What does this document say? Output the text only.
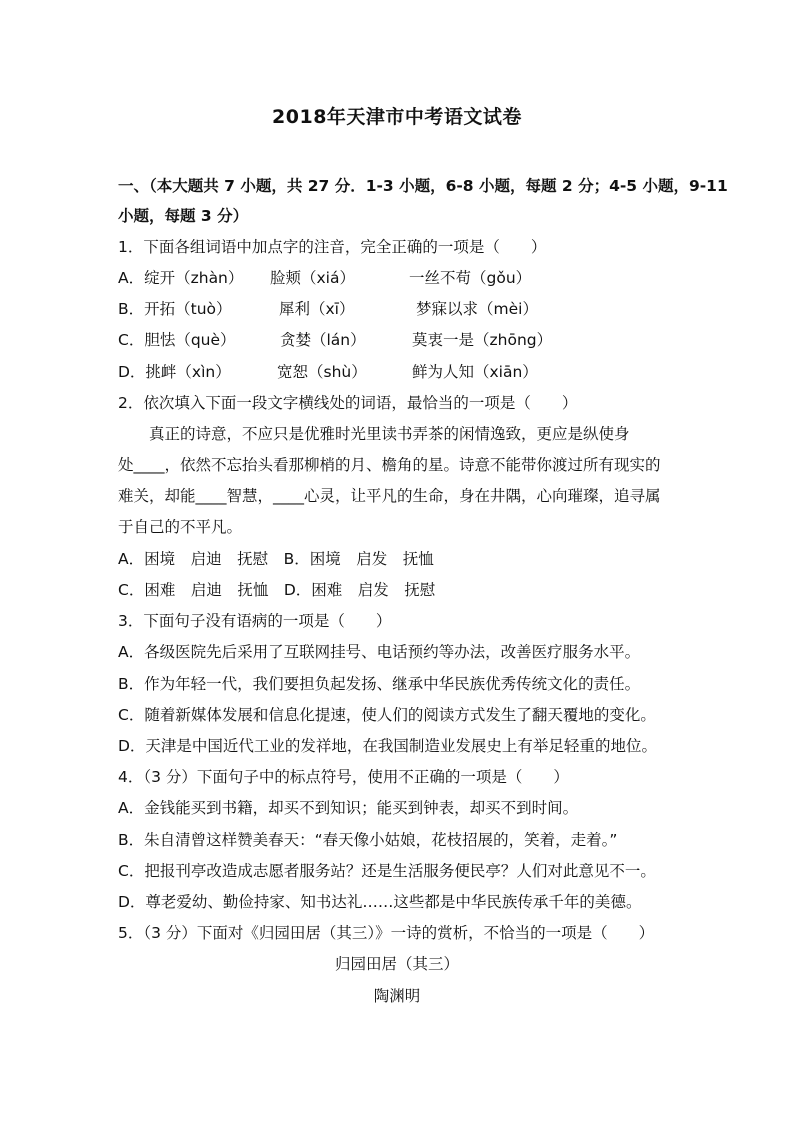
2018年天津市中考语文试卷
一、（本大题共 7 小题，共 27 分．1-3 小题，6-8 小题，每题 2 分；4-5 小题，9-11
小题，每题 3 分）
1．下面各组词语中加点字的注音，完全正确的一项是（　　）
A．绽开（zhàn） 脸颊（xiá）	一丝不苟（gǒu）
B．开拓（tuò）	犀利（xī）	梦寐以求（mèi）
C．胆怯（què）	贪婪（lán）	莫衷一是（zhōng）
D．挑衅（xìn）	宽恕（shù）	鲜为人知（xiān）
2．依次填入下面一段文字横线处的词语，最恰当的一项是（　　）
　　真正的诗意，不应只是优雅时光里读书弄茶的闲情逸致，更应是纵使身
处____，依然不忘抬头看那柳梢的月、檐角的星。诗意不能带你渡过所有现实的
难关，却能____智慧，____心灵，让平凡的生命，身在井隅，心向璀璨，追寻属
于自己的不平凡。
A．困境　启迪　抚慰　B．困境　启发　抚恤
C．困难　启迪　抚恤　D．困难　启发　抚慰
3．下面句子没有语病的一项是（　　）
A．各级医院先后采用了互联网挂号、电话预约等办法，改善医疗服务水平。
B．作为年轻一代，我们要担负起发扬、继承中华民族优秀传统文化的责任。
C．随着新媒体发展和信息化提速，使人们的阅读方式发生了翻天覆地的变化。
D．天津是中国近代工业的发祥地，在我国制造业发展史上有举足轻重的地位。
4．（3 分）下面句子中的标点符号，使用不正确的一项是（　　）
A．金钱能买到书籍，却买不到知识；能买到钟表，却买不到时间。
B．朱自清曾这样赞美春天：“春天像小姑娘，花枝招展的，笑着，走着。”
C．把报刊亭改造成志愿者服务站？还是生活服务便民亭？人们对此意见不一。
D．尊老爱幼、勤俭持家、知书达礼……这些都是中华民族传承千年的美德。
5．（3 分）下面对《归园田居（其三）》一诗的赏析，不恰当的一项是（　　）
归园田居（其三）
陶渊明
